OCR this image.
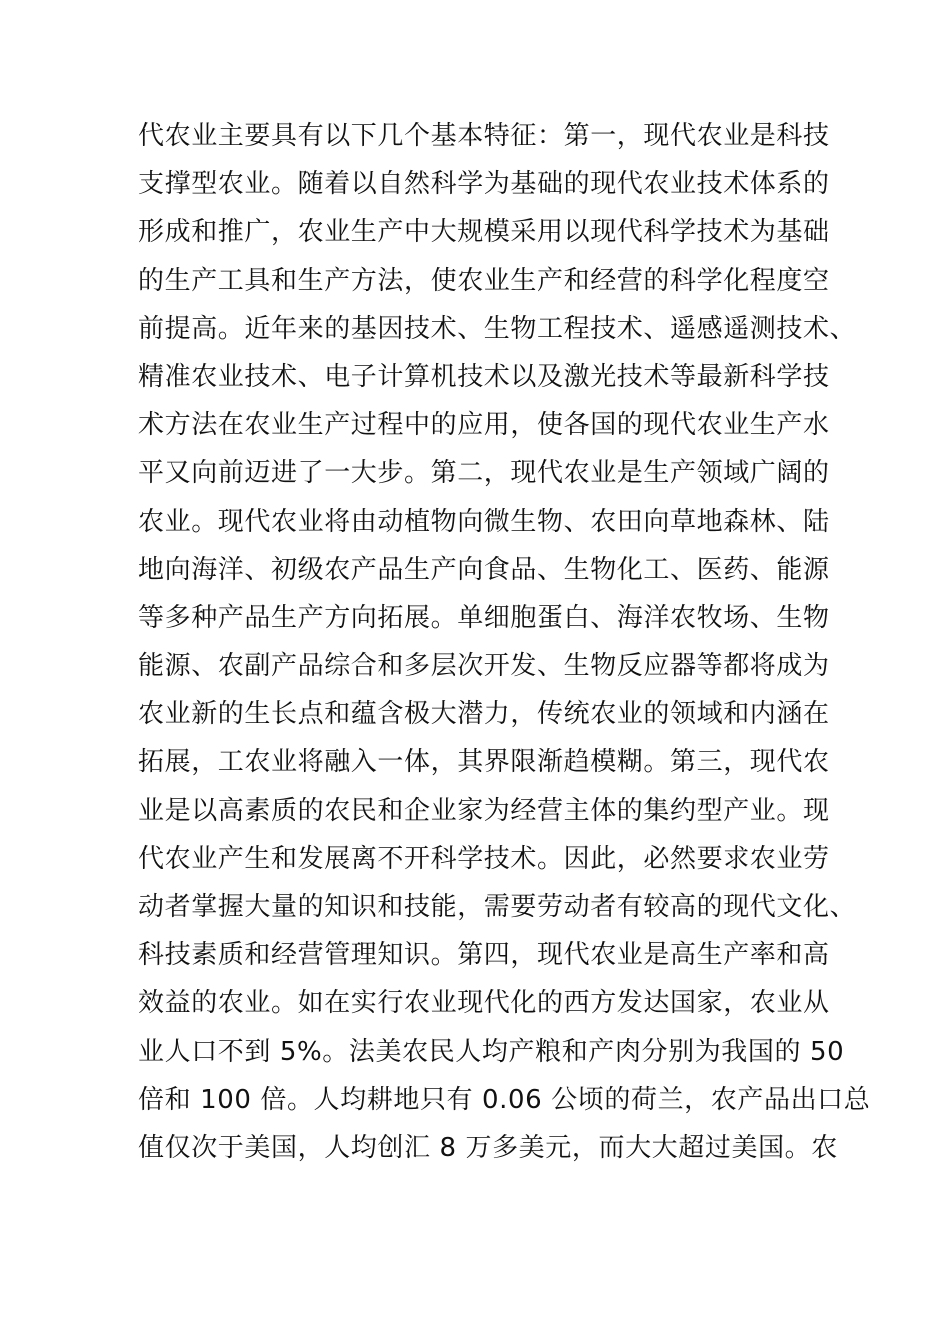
代农业主要具有以下几个基本特征：第一，现代农业是科技
支撑型农业。随着以自然科学为基础的现代农业技术体系的
形成和推广，农业生产中大规模采用以现代科学技术为基础
的生产工具和生产方法，使农业生产和经营的科学化程度空
前提高。近年来的基因技术、生物工程技术、遥感遥测技术、
精准农业技术、电子计算机技术以及激光技术等最新科学技
术方法在农业生产过程中的应用，使各国的现代农业生产水
平又向前迈进了一大步。第二，现代农业是生产领域广阔的
农业。现代农业将由动植物向微生物、农田向草地森林、陆
地向海洋、初级农产品生产向食品、生物化工、医药、能源
等多种产品生产方向拓展。单细胞蛋白、海洋农牧场、生物
能源、农副产品综合和多层次开发、生物反应器等都将成为
农业新的生长点和蕴含极大潜力，传统农业的领域和内涵在
拓展，工农业将融入一体，其界限渐趋模糊。第三，现代农
业是以高素质的农民和企业家为经营主体的集约型产业。现
代农业产生和发展离不开科学技术。因此，必然要求农业劳
动者掌握大量的知识和技能，需要劳动者有较高的现代文化、
科技素质和经营管理知识。第四，现代农业是高生产率和高
效益的农业。如在实行农业现代化的西方发达国家，农业从
业人口不到 5%。法美农民人均产粮和产肉分别为我国的 50
倍和 100 倍。人均耕地只有 0.06 公顷的荷兰，农产品出口总
值仅次于美国，人均创汇 8 万多美元，而大大超过美国。农
